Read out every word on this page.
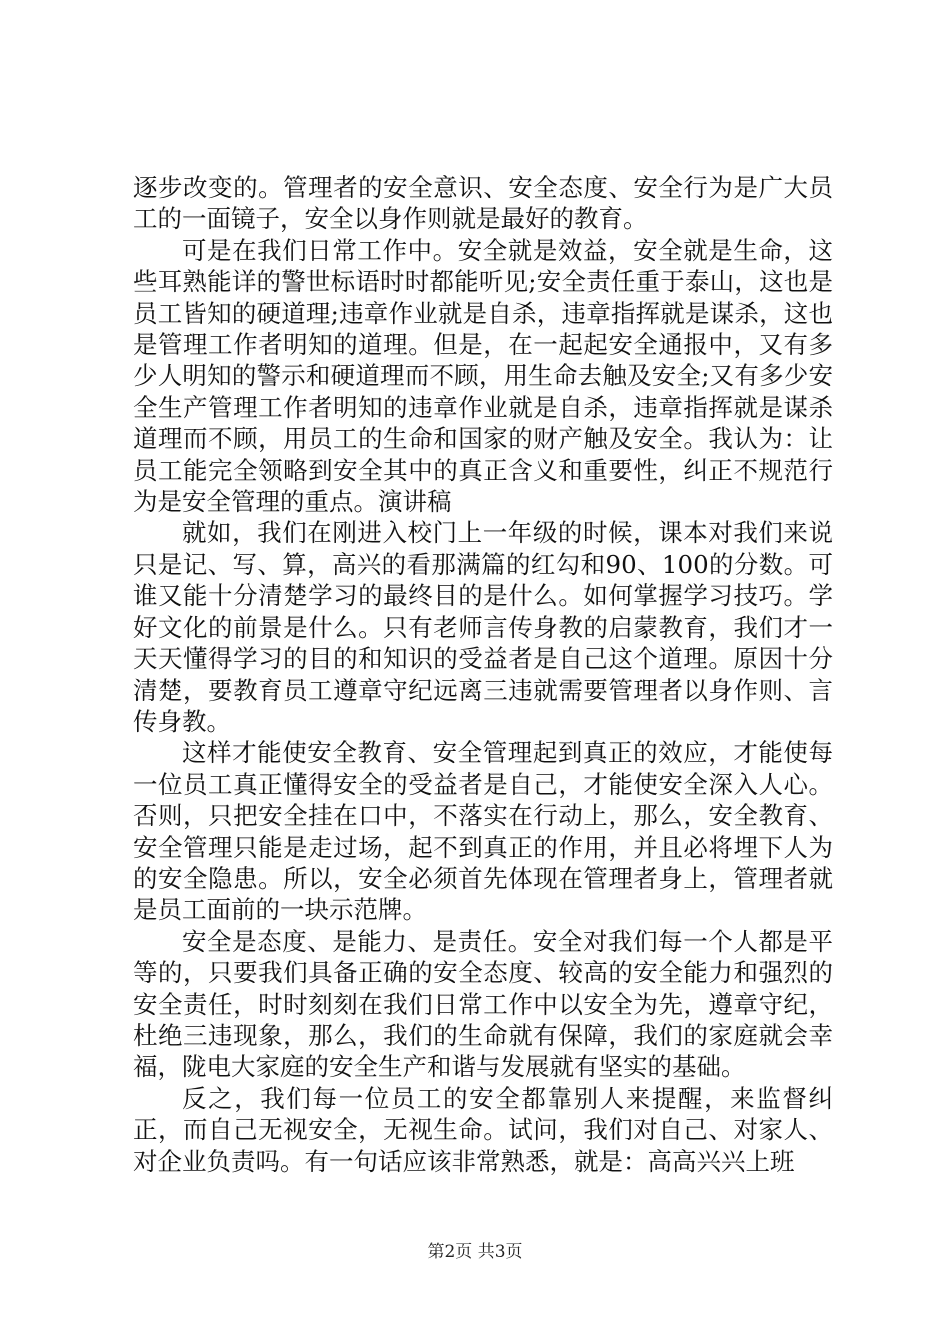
逐步改变的。管理者的安全意识、安全态度、安全行为是广大员工的一面镜子，安全以身作则就是最好的教育。

可是在我们日常工作中。安全就是效益，安全就是生命，这些耳熟能详的警世标语时时都能听见;安全责任重于泰山，这也是员工皆知的硬道理;违章作业就是自杀，违章指挥就是谋杀，这也是管理工作者明知的道理。但是，在一起起安全通报中，又有多少人明知的警示和硬道理而不顾，用生命去触及安全;又有多少安全生产管理工作者明知的违章作业就是自杀，违章指挥就是谋杀道理而不顾，用员工的生命和国家的财产触及安全。我认为：让员工能完全领略到安全其中的真正含义和重要性，纠正不规范行为是安全管理的重点。演讲稿

就如，我们在刚进入校门上一年级的时候，课本对我们来说只是记、写、算，高兴的看那满篇的红勾和90、100的分数。可谁又能十分清楚学习的最终目的是什么。如何掌握学习技巧。学好文化的前景是什么。只有老师言传身教的启蒙教育，我们才一天天懂得学习的目的和知识的受益者是自己这个道理。原因十分清楚，要教育员工遵章守纪远离三违就需要管理者以身作则、言传身教。

这样才能使安全教育、安全管理起到真正的效应，才能使每一位员工真正懂得安全的受益者是自己，才能使安全深入人心。否则，只把安全挂在口中，不落实在行动上，那么，安全教育、安全管理只能是走过场，起不到真正的作用，并且必将埋下人为的安全隐患。所以，安全必须首先体现在管理者身上，管理者就是员工面前的一块示范牌。

安全是态度、是能力、是责任。安全对我们每一个人都是平等的，只要我们具备正确的安全态度、较高的安全能力和强烈的安全责任，时时刻刻在我们日常工作中以安全为先，遵章守纪，杜绝三违现象，那么，我们的生命就有保障，我们的家庭就会幸福，陇电大家庭的安全生产和谐与发展就有坚实的基础。

反之，我们每一位员工的安全都靠别人来提醒，来监督纠正，而自己无视安全，无视生命。试问，我们对自己、对家人、对企业负责吗。有一句话应该非常熟悉，就是：高高兴兴上班

第2页 共3页
